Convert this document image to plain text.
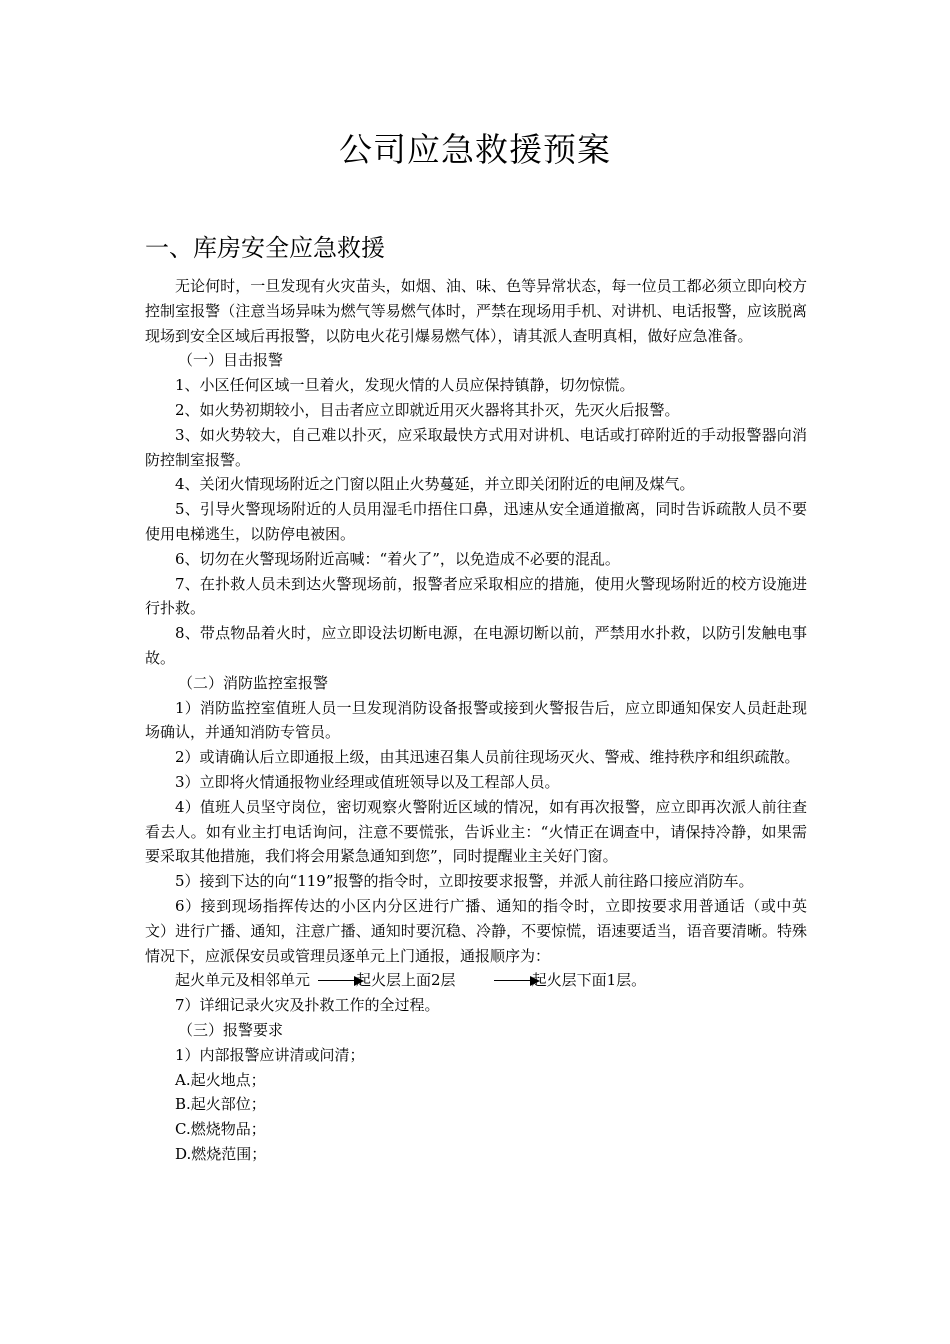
公司应急救援预案
一、库房安全应急救援

无论何时，一旦发现有火灾苗头，如烟、油、味、色等异常状态，每一位员工都必须立即向校方控制室报警（注意当场异味为燃气等易燃气体时，严禁在现场用手机、对讲机、电话报警，应该脱离现场到安全区域后再报警，以防电火花引爆易燃气体），请其派人查明真相，做好应急准备。

（一）目击报警

1、小区任何区域一旦着火，发现火情的人员应保持镇静，切勿惊慌。

2、如火势初期较小，目击者应立即就近用灭火器将其扑灭，先灭火后报警。

3、如火势较大，自己难以扑灭，应采取最快方式用对讲机、电话或打碎附近的手动报警器向消防控制室报警。

4、关闭火情现场附近之门窗以阻止火势蔓延，并立即关闭附近的电闸及煤气。

5、引导火警现场附近的人员用湿毛巾捂住口鼻，迅速从安全通道撤离，同时告诉疏散人员不要使用电梯逃生，以防停电被困。

6、切勿在火警现场附近高喊：“着火了”，以免造成不必要的混乱。

7、在扑救人员未到达火警现场前，报警者应采取相应的措施，使用火警现场附近的校方设施进行扑救。

8、带点物品着火时，应立即设法切断电源，在电源切断以前，严禁用水扑救，以防引发触电事故。

（二）消防监控室报警

1）消防监控室值班人员一旦发现消防设备报警或接到火警报告后，应立即通知保安人员赶赴现场确认，并通知消防专管员。

2）或请确认后立即通报上级，由其迅速召集人员前往现场灭火、警戒、维持秩序和组织疏散。

3）立即将火情通报物业经理或值班领导以及工程部人员。

4）值班人员坚守岗位，密切观察火警附近区域的情况，如有再次报警，应立即再次派人前往查看去人。如有业主打电话询问，注意不要慌张，告诉业主：“火情正在调查中，请保持冷静，如果需要采取其他措施，我们将会用紧急通知到您”，同时提醒业主关好门窗。

5）接到下达的向“119”报警的指令时，立即按要求报警，并派人前往路口接应消防车。

6）接到现场指挥传达的小区内分区进行广播、通知的指令时，立即按要求用普通话（或中英文）进行广播、通知，注意广播、通知时要沉稳、冷静，不要惊慌，语速要适当，语音要清晰。特殊情况下，应派保安员或管理员逐单元上门通报，通报顺序为：

起火单元及相邻单元	起火层上面2层	起火层下面1层。

7）详细记录火灾及扑救工作的全过程。

（三）报警要求

1）内部报警应讲清或问清；

A.起火地点；

B.起火部位；

C.燃烧物品；

D.燃烧范围；
